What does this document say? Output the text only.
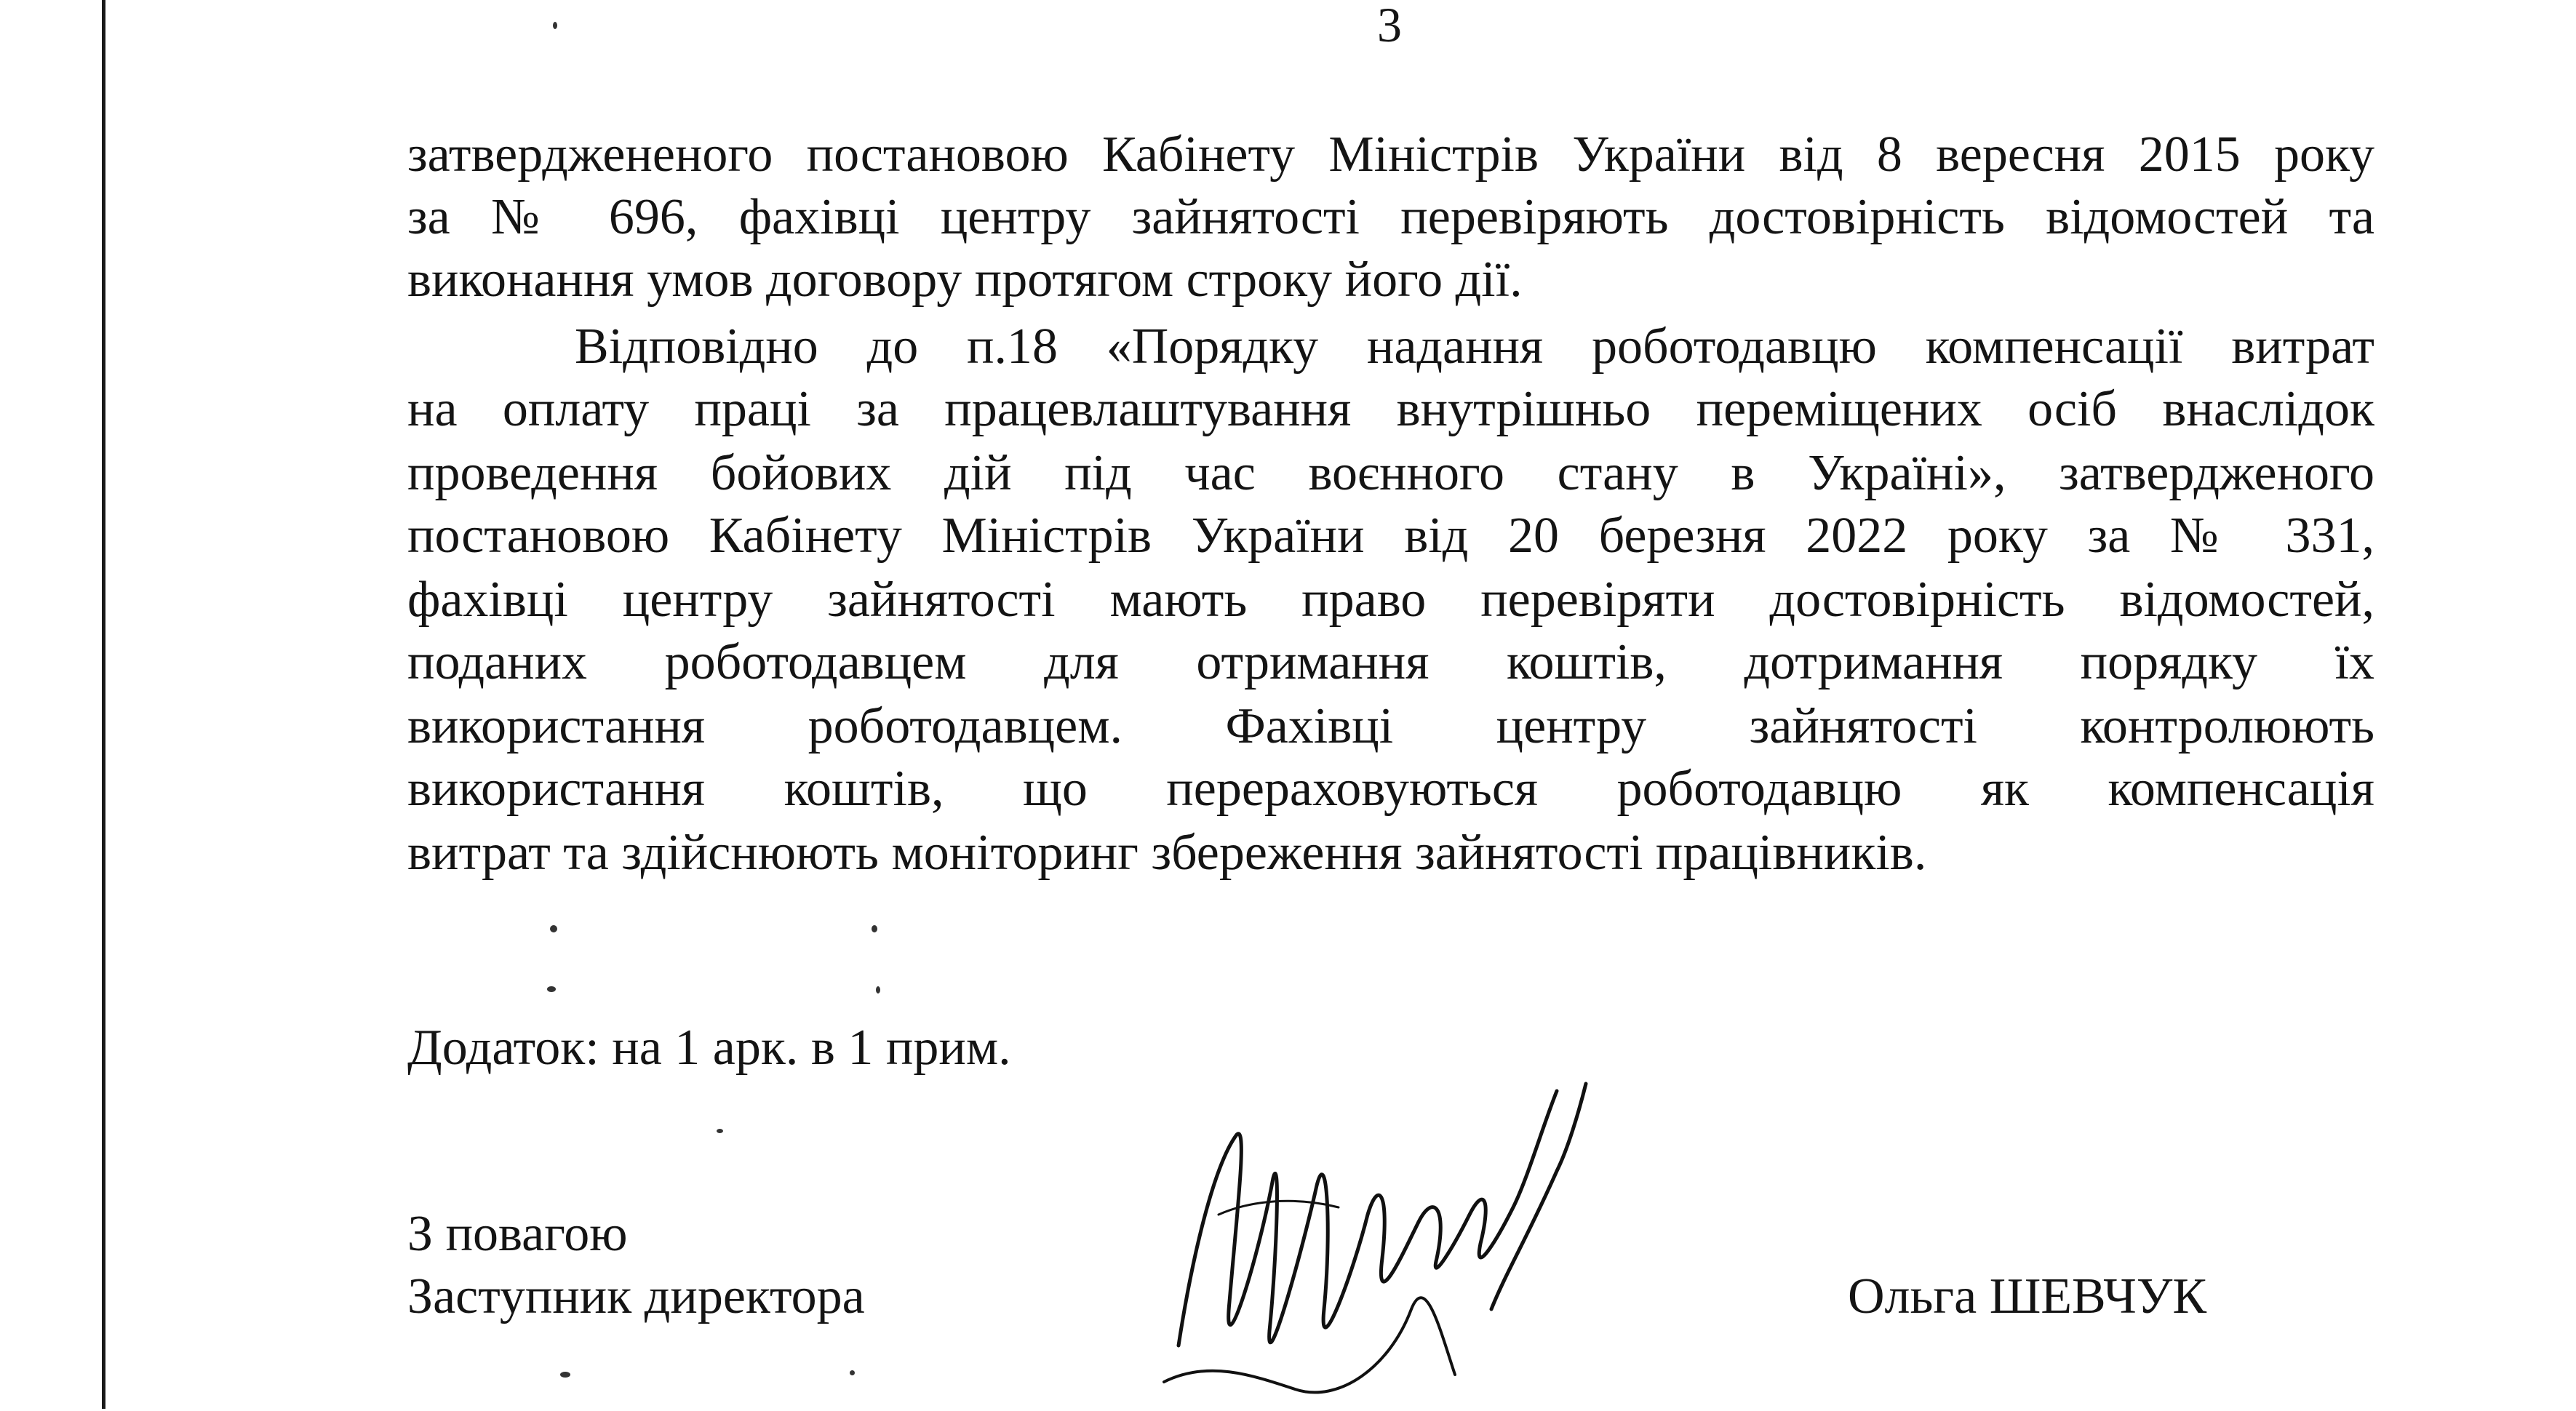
3
затверджененого постановою Кабінету Міністрів України від 8 вересня 2015 року
за № 696, фахівці центру зайнятості перевіряють достовірність відомостей та
виконання умов договору протягом строку його дії.
Відповідно до п.18 «Порядку надання роботодавцю компенсації витрат
на оплату праці за працевлаштування внутрішньо переміщених осіб внаслідок
проведення бойових дій під час воєнного стану в Україні», затвердженого
постановою Кабінету Міністрів України від 20 березня 2022 року за № 331,
фахівці центру зайнятості мають право перевіряти достовірність відомостей,
поданих роботодавцем для отримання коштів, дотримання порядку їх
використання роботодавцем. Фахівці центру зайнятості контролюють
використання коштів, що перераховуються роботодавцю як компенсація
витрат та здійснюють моніторинг збереження зайнятості працівників.
Додаток: на 1 арк. в 1 прим.
З повагою
Заступник директора	Ольга ШЕВЧУК
